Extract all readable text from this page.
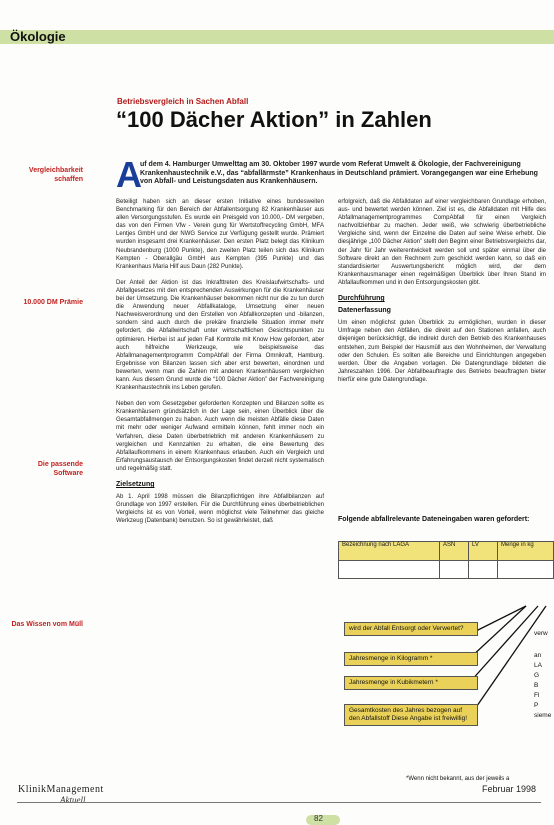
Ökologie
Betriebsvergleich in Sachen Abfall
“100 Dächer Aktion” in Zahlen
Vergleichbarkeit schaffen
10.000 DM Prämie
Die passende Software
Das Wissen vom Müll
A
uf dem 4. Hamburger Umwelttag am 30. Oktober 1997 wurde vom Referat Umwelt & Ökologie, der Fachvereinigung Krankenhaustechnik e.V., das “abfallärmste” Krankenhaus in Deutschland prämiert. Vorangegangen war eine Erhebung von Abfall- und Leistungsdaten aus Krankenhäusern.

Beteiligt haben sich an dieser ersten Initiative eines bundesweiten Benchmarking für den Bereich der Abfallentsorgung 82 Krankenhäuser aus allen Versorgungsstufen. Es wurde ein Preisgeld von 10.000,- DM vergeben, das von den Firmen Vfw - Verein gung für Wertstoffrecycling GmbH, MFA Lentjes GmbH und der NWG Service zur Verfügung gestellt wurde. Prämiert wurden insgesamt drei Krankenhäuser. Den ersten Platz belegt das Klinikum Neubrandenburg (1000 Punkte), den zweiten Platz teilen sich das Klinikum Kempten - Oberallgäu GmbH aus Kempten (395 Punkte) und das Krankenhaus Maria Hilf aus Daun (282 Punkte).

Der Anteil der Aktion ist das Inkrafttreten des Kreislaufwirtschafts- und Abfallgesetzes mit den entsprechenden Auswirkungen für die Krankenhäuser bei der Umsetzung. Die Krankenhäuser bekommen nicht nur die zu tun durch die Anwendung neuer Abfallkataloge, Umsetzung einer neuen Nachweisverordnung und den Erstellen von Abfallkonzepten und -bilanzen, sondern sind auch durch die prekäre finanzielle Situation immer mehr gefordert, die Abfallwirtschaft unter wirtschaftlichen Gesichtspunkten zu optimieren. Hierbei ist auf jeden Fall Kontrolle mit Know How gefordert, aber auch hilfreiche Werkzeuge, wie beispielsweise das Abfallmanagementprogramm CompAbfall der Firma Omnikraft, Hamburg. Ergebnisse von Bilanzen lassen sich aber erst bewerten, einordnen und bewerten, wenn man die Zahlen mit anderen Krankenhäusern vergleichen kann. Aus diesem Grund wurde die “100 Dächer Aktion” der Fachvereinigung Krankenhaustechnik ins Leben gerufen.

Neben den vom Gesetzgeber geforderten Konzepten und Bilanzen sollte es Krankenhäusern gründsätzlich in der Lage sein, einen Überblick über die Gesamtabfallmengen zu haben. Auch wenn die meisten Abfälle diese Daten mit mehr oder weniger Aufwand ermitteln können, fehlt immer noch ein Verfahren, diese Daten überbetrieblich mit anderen Krankenhäusern zu vergleichen und Kennzahlen zu erhalten, die eine Bewertung des Abfallaufkommens in einem Krankenhaus erlauben. Auch ein Vergleich und Erfahrungsaustausch der Entsorgungskosten findet derzeit nicht systematisch und regelmäßig statt.

Zielsetzung

Ab 1. April 1998 müssen die Bilanzpflichtigen ihre Abfallbilanzen auf Grundlage von 1997 erstellen. Für die Durchführung eines überbetrieblichen Vergleichs ist es von Vorteil, wenn möglichst viele Teilnehmer das gleiche Werkzeug (Datenbank) benutzen. So ist gewährleistet, daß

erfolgreich, daß die Abfalldaten auf einer vergleichbaren Grundlage erhoben, aus- und bewertet werden können. Ziel ist es, die Abfalldaten mit Hilfe des Abfallmanagementprogrammes CompAbfall für einen Vergleich nachvollziehbar zu machen. Jeder weiß, wie schwierig überbetriebliche Vergleiche sind, wenn der Einzelne die Daten auf seine Weise erhebt. Die diesjährige „100 Dächer Aktion” stellt den Beginn einer Betriebsvergleichs dar, der Jahr für Jahr weiterentwickelt werden soll und später einmal über die Software direkt an den Rechnern zum geschickt werden kann, so daß ein standardisierter Auswertungsbericht möglich wird, der dem Krankenhausmanager einen regelmäßigen Überblick über Ihren Stand im Abfallaufkommen und in den Entsorgungskosten gibt.

Durchführung
Datenerfassung

Um einen möglichst guten Überblick zu ermöglichen, wurden in dieser Umfrage neben den Abfällen, die direkt auf den Stationen anfallen, auch diejenigen berücksichtigt, die indirekt durch den Betrieb des Krankenhauses entstehen, zum Beispiel der Hausmüll aus den Wohnheimen, der Verwaltung oder den Schulen. Es sollten alle Bereiche und Einrichtungen angegeben werden. Über die Angaben vorlagen. Die Datengrundlage bildeten die Jahreszahlen 1996. Der Abfallbeauftragte des Betriebs beauftragten bieter hierfür eine gute Datengrundlage.

Folgende abfallrelevante Dateneingaben waren gefordert:
Bezeichnung nach LAGA	ASN	LV	Menge in kg

wird der Abfall Entsorgt oder Verwertet?
Jahresmenge in Kilogramm *
Jahresmenge in Kubikmetern *
Gesamtkosten des Jahres bezogen auf den Abfallstoff Diese Angabe ist freiwillig!
verw
an
LA
G
B
Fl
P
sieme
*Wenn nicht bekannt, aus der jeweils a
KlinikManagement
Aktuell
Februar 1998
82
